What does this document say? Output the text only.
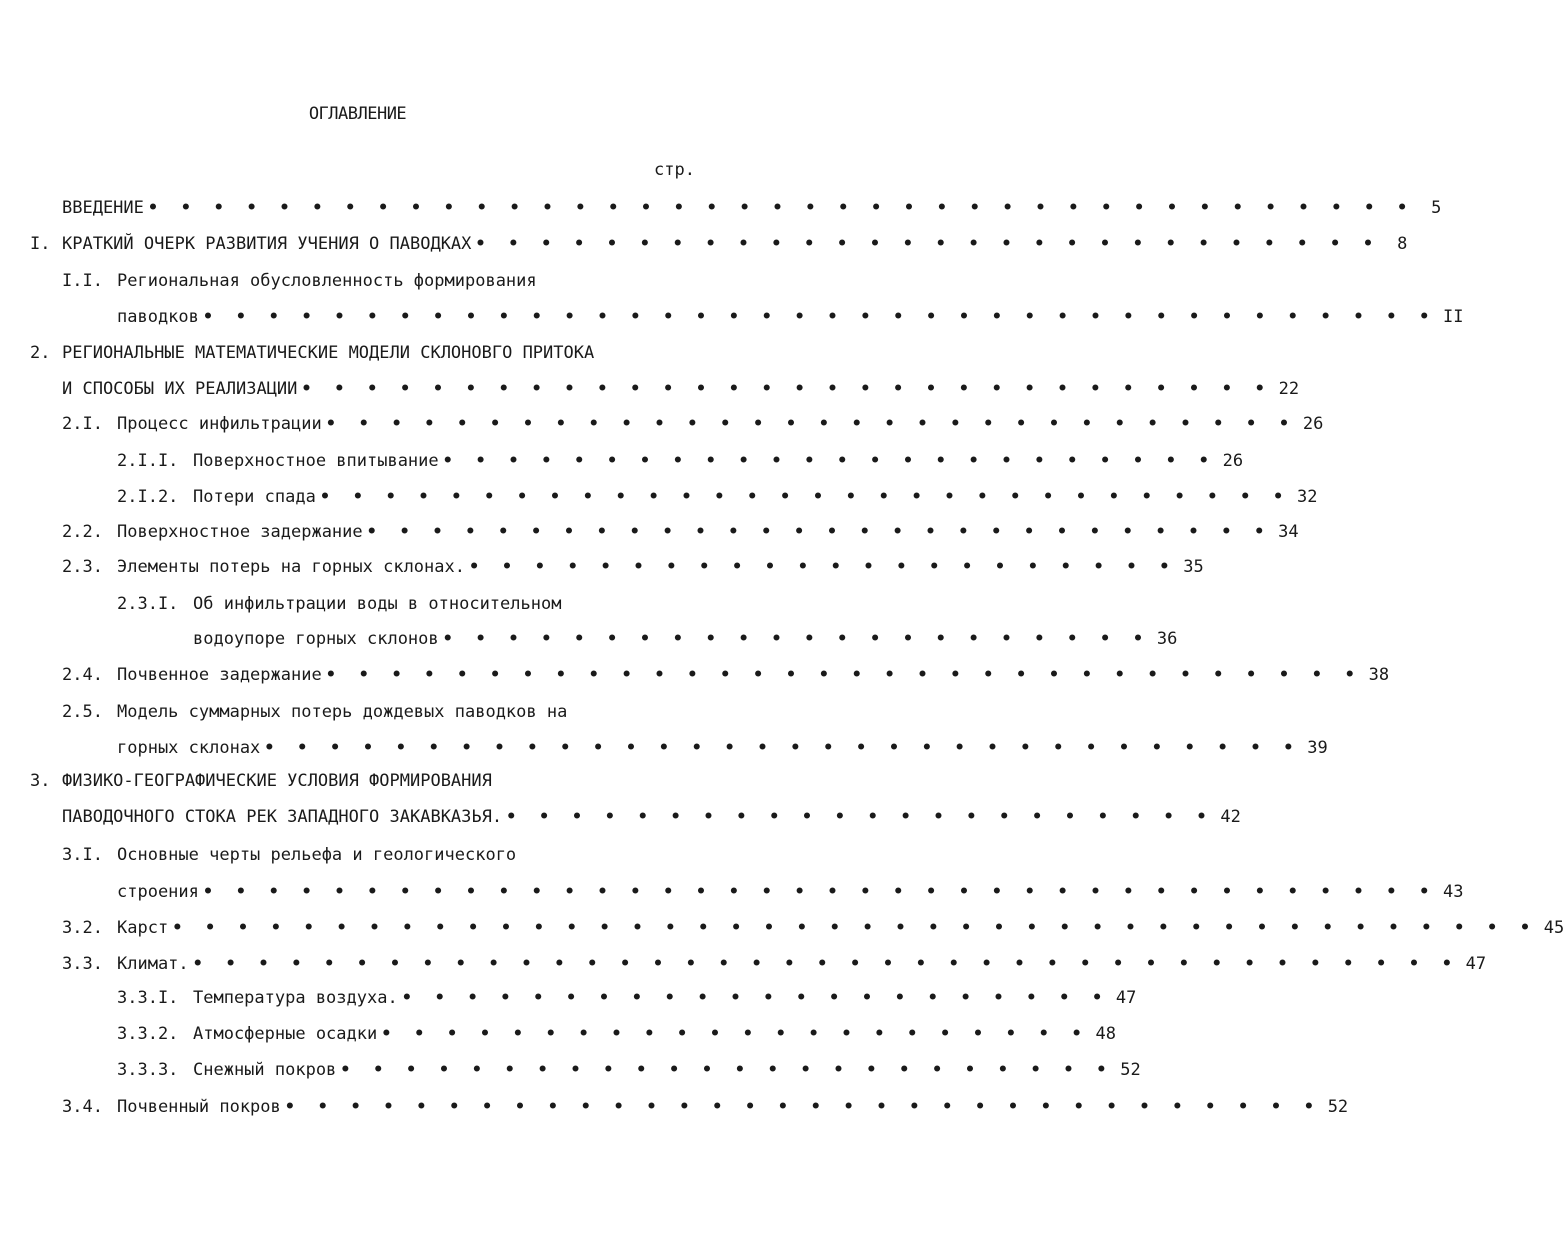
ОГЛАВЛЕНИЕ
стр.
ВВЕДЕНИЕ • • • • • • • • • • • • • • • • • • • • • • • • • • • • • • • • • • • • • • •	5
I. КРАТКИЙ ОЧЕРК РАЗВИТИЯ УЧЕНИЯ О ПАВОДКАХ • • • • • • • • • • • • • • • • • • • • • • • • • • • •	8
I.I. Региональная обусловленность формирования
паводков • • • • • • • • • • • • • • • • • • • • • • • • • • • • • • • • • • • • • • II
2. РЕГИОНАЛЬНЫЕ МАТЕМАТИЧЕСКИЕ МОДЕЛИ СКЛОНОВГО ПРИТОКА
И СПОСОБЫ ИХ РЕАЛИЗАЦИИ • • • • • • • • • • • • • • • • • • • • • • • • • • • • • • 22
2.I. Процесс инфильтрации • • • • • • • • • • • • • • • • • • • • • • • • • • • • • • 26
2.I.I. Поверхностное впитывание • • • • • • • • • • • • • • • • • • • • • • • • 26
2.I.2. Потери спада • • • • • • • • • • • • • • • • • • • • • • • • • • • • • • 32
2.2. Поверхностное задержание • • • • • • • • • • • • • • • • • • • • • • • • • • • • 34
2.3. Элементы потерь на горных склонах. • • • • • • • • • • • • • • • • • • • • • • 35
2.3.I. Об инфильтрации воды в относительном
водоупоре горных склонов • • • • • • • • • • • • • • • • • • • • • • 36
2.4. Почвенное задержание • • • • • • • • • • • • • • • • • • • • • • • • • • • • • • • • 38
2.5. Модель суммарных потерь дождевых паводков на
горных склонах • • • • • • • • • • • • • • • • • • • • • • • • • • • • • • • • 39
3. ФИЗИКО-ГЕОГРАФИЧЕСКИЕ УСЛОВИЯ ФОРМИРОВАНИЯ
ПАВОДОЧНОГО СТОКА РЕК ЗАПАДНОГО ЗАКАВКАЗЬЯ. • • • • • • • • • • • • • • • • • • • • • • 42
3.I. Основные черты рельефа и геологического
строения • • • • • • • • • • • • • • • • • • • • • • • • • • • • • • • • • • • • • • 43
3.2. Карст • • • • • • • • • • • • • • • • • • • • • • • • • • • • • • • • • • • • • • • • • • 45
3.3. Климат. • • • • • • • • • • • • • • • • • • • • • • • • • • • • • • • • • • • • • • • 47
3.3.I. Температура воздуха. • • • • • • • • • • • • • • • • • • • • • • 47
3.3.2. Атмосферные осадки • • • • • • • • • • • • • • • • • • • • • • 48
3.3.3. Снежный покров • • • • • • • • • • • • • • • • • • • • • • • • 52
3.4. Почвенный покров • • • • • • • • • • • • • • • • • • • • • • • • • • • • • • • • 52
